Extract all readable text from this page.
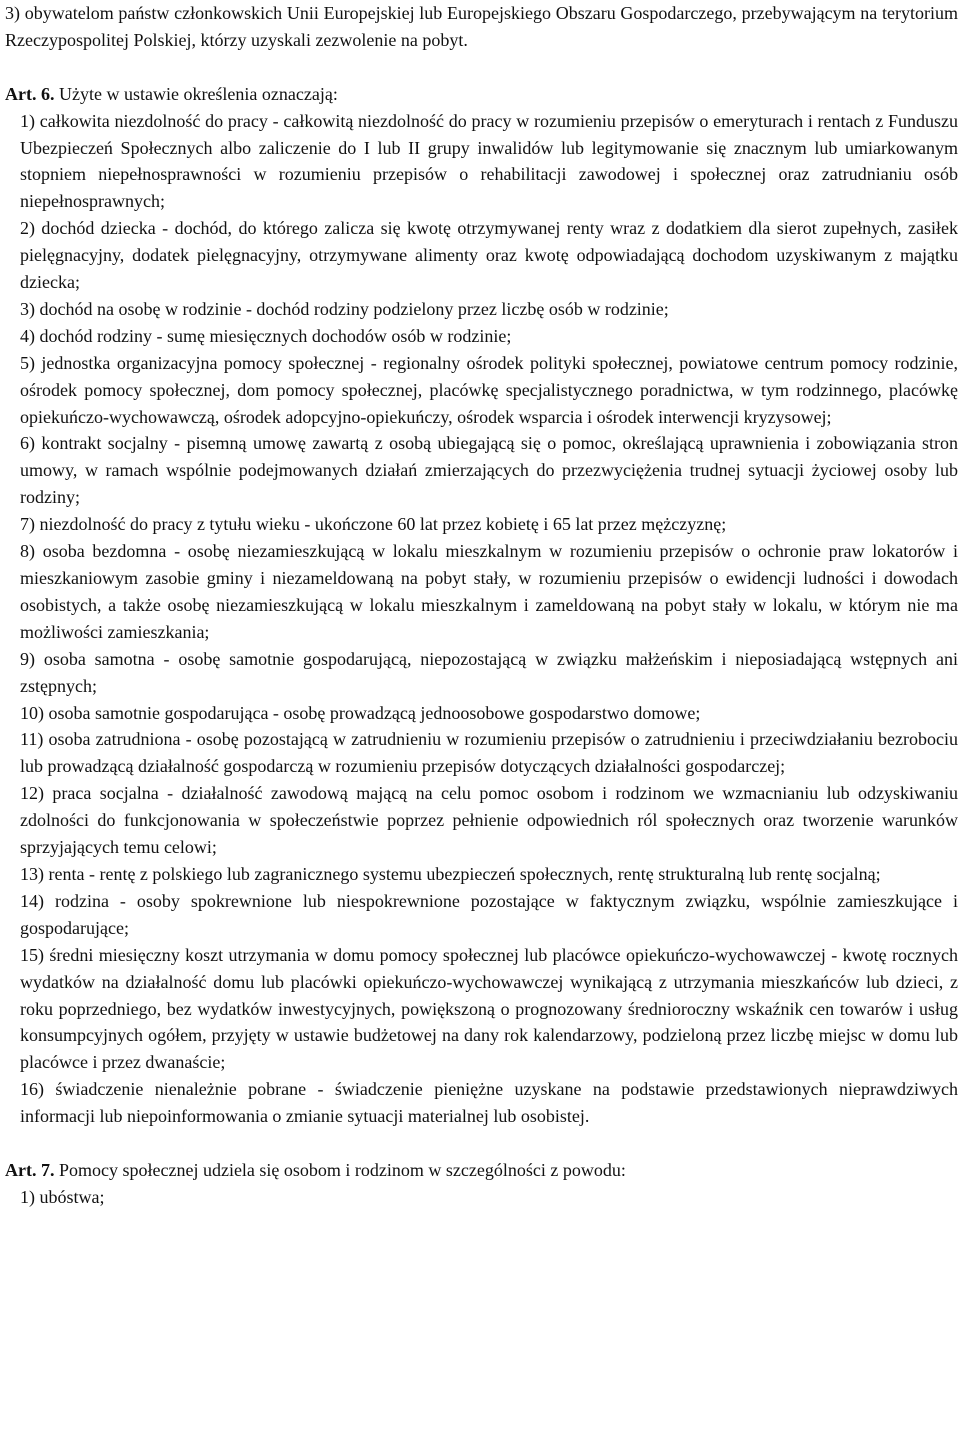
3) obywatelom państw członkowskich Unii Europejskiej lub Europejskiego Obszaru Gospodarczego, przebywającym na terytorium Rzeczypospolitej Polskiej, którzy uzyskali zezwolenie na pobyt.

Art. 6. Użyte w ustawie określenia oznaczają:

1) całkowita niezdolność do pracy - całkowitą niezdolność do pracy w rozumieniu przepisów o emeryturach i rentach z Funduszu Ubezpieczeń Społecznych albo zaliczenie do I lub II grupy inwalidów lub legitymowanie się znacznym lub umiarkowanym stopniem niepełnosprawności w rozumieniu przepisów o rehabilitacji zawodowej i społecznej oraz zatrudnianiu osób niepełnosprawnych;

2) dochód dziecka - dochód, do którego zalicza się kwotę otrzymywanej renty wraz z dodatkiem dla sierot zupełnych, zasiłek pielęgnacyjny, dodatek pielęgnacyjny, otrzymywane alimenty oraz kwotę odpowiadającą dochodom uzyskiwanym z majątku dziecka;

3) dochód na osobę w rodzinie - dochód rodziny podzielony przez liczbę osób w rodzinie;

4) dochód rodziny - sumę miesięcznych dochodów osób w rodzinie;

5) jednostka organizacyjna pomocy społecznej - regionalny ośrodek polityki społecznej, powiatowe centrum pomocy rodzinie, ośrodek pomocy społecznej, dom pomocy społecznej, placówkę specjalistycznego poradnictwa, w tym rodzinnego, placówkę opiekuńczo-wychowawczą, ośrodek adopcyjno-opiekuńczy, ośrodek wsparcia i ośrodek interwencji kryzysowej;

6) kontrakt socjalny - pisemną umowę zawartą z osobą ubiegającą się o pomoc, określającą uprawnienia i zobowiązania stron umowy, w ramach wspólnie podejmowanych działań zmierzających do przezwyciężenia trudnej sytuacji życiowej osoby lub rodziny;

7) niezdolność do pracy z tytułu wieku - ukończone 60 lat przez kobietę i 65 lat przez mężczyznę;

8) osoba bezdomna - osobę niezamieszkującą w lokalu mieszkalnym w rozumieniu przepisów o ochronie praw lokatorów i mieszkaniowym zasobie gminy i niezameldowaną na pobyt stały, w rozumieniu przepisów o ewidencji ludności i dowodach osobistych, a także osobę niezamieszkującą w lokalu mieszkalnym i zameldowaną na pobyt stały w lokalu, w którym nie ma możliwości zamieszkania;

9) osoba samotna - osobę samotnie gospodarującą, niepozostającą w związku małżeńskim i nieposiadającą wstępnych ani zstępnych;

10) osoba samotnie gospodarująca - osobę prowadzącą jednoosobowe gospodarstwo domowe;

11) osoba zatrudniona - osobę pozostającą w zatrudnieniu w rozumieniu przepisów o zatrudnieniu i przeciwdziałaniu bezrobociu lub prowadzącą działalność gospodarczą w rozumieniu przepisów dotyczących działalności gospodarczej;

12) praca socjalna - działalność zawodową mającą na celu pomoc osobom i rodzinom we wzmacnianiu lub odzyskiwaniu zdolności do funkcjonowania w społeczeństwie poprzez pełnienie odpowiednich ról społecznych oraz tworzenie warunków sprzyjających temu celowi;

13) renta - rentę z polskiego lub zagranicznego systemu ubezpieczeń społecznych, rentę strukturalną lub rentę socjalną;

14) rodzina - osoby spokrewnione lub niespokrewnione pozostające w faktycznym związku, wspólnie zamieszkujące i gospodarujące;

15) średni miesięczny koszt utrzymania w domu pomocy społecznej lub placówce opiekuńczo-wychowawczej - kwotę rocznych wydatków na działalność domu lub placówki opiekuńczo-wychowawczej wynikającą z utrzymania mieszkańców lub dzieci, z roku poprzedniego, bez wydatków inwestycyjnych, powiększoną o prognozowany średnioroczny wskaźnik cen towarów i usług konsumpcyjnych ogółem, przyjęty w ustawie budżetowej na dany rok kalendarzowy, podzieloną przez liczbę miejsc w domu lub placówce i przez dwanaście;

16) świadczenie nienależnie pobrane - świadczenie pieniężne uzyskane na podstawie przedstawionych nieprawdziwych informacji lub niepoinformowania o zmianie sytuacji materialnej lub osobistej.

Art. 7. Pomocy społecznej udziela się osobom i rodzinom w szczególności z powodu:

1) ubóstwa;
